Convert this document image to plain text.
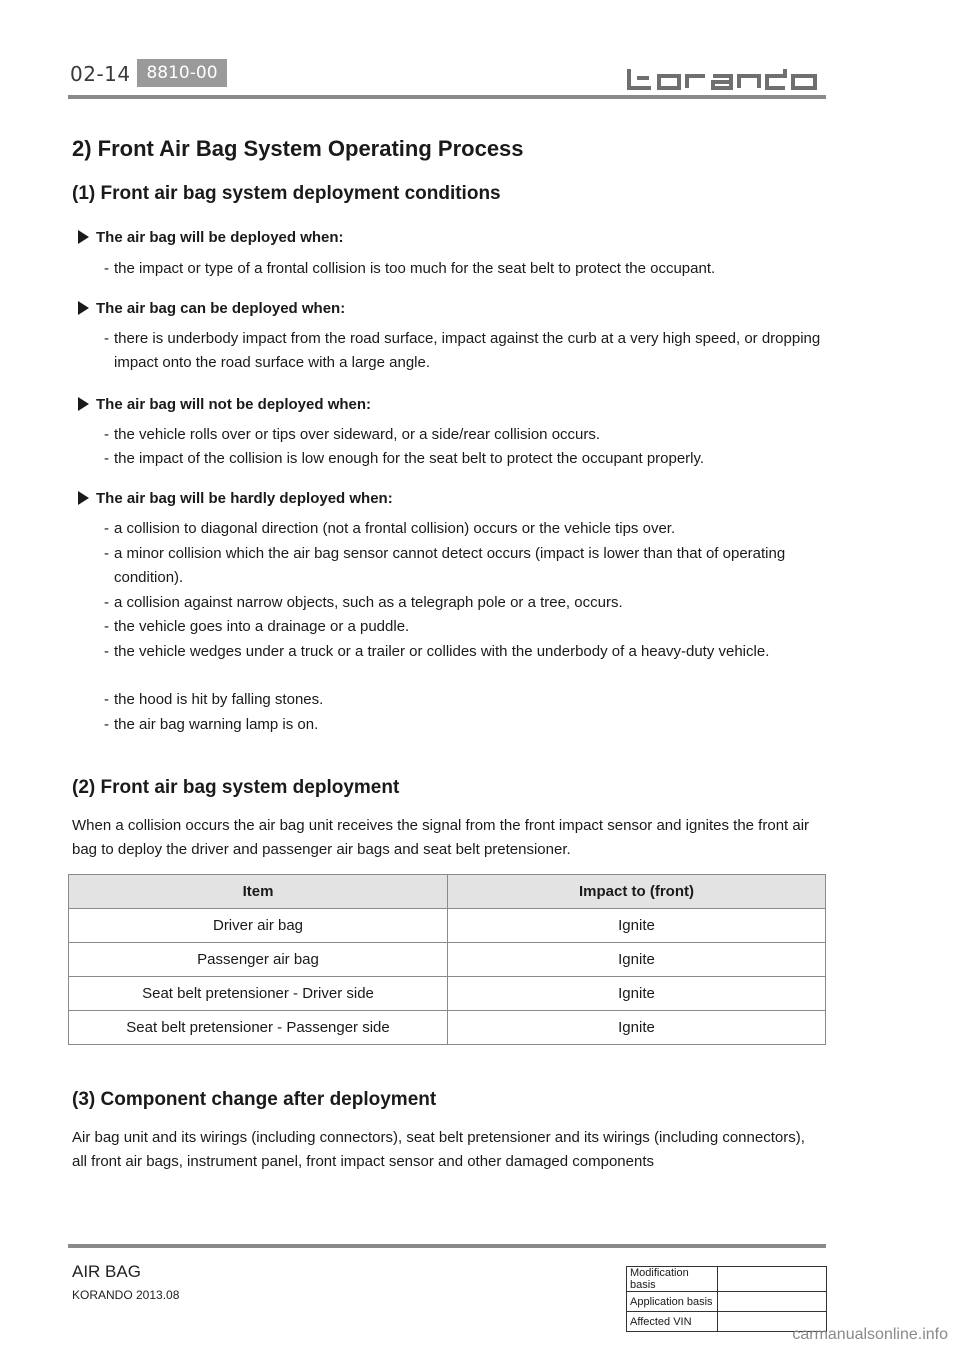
02-14 8810-00
2) Front Air Bag System Operating Process
(1) Front air bag system deployment conditions
The air bag will be deployed when:
- the impact or type of a frontal collision is too much for the seat belt to protect the occupant.
The air bag can be deployed when:
- there is underbody impact from the road surface, impact against the curb at a very high speed, or dropping impact onto the road surface with a large angle.
The air bag will not be deployed when:
- the vehicle rolls over or tips over sideward, or a side/rear collision occurs.
- the impact of the collision is low enough for the seat belt to protect the occupant properly.
The air bag will be hardly deployed when:
- a collision to diagonal direction (not a frontal collision) occurs or the vehicle tips over.
- a minor collision which the air bag sensor cannot detect occurs (impact is lower than that of operating condition).
- a collision against narrow objects, such as a telegraph pole or a tree, occurs.
- the vehicle goes into a drainage or a puddle.
- the vehicle wedges under a truck or a trailer or collides with the underbody of a heavy-duty vehicle.
- the hood is hit by falling stones.
- the air bag warning lamp is on.
(2) Front air bag system deployment
When a collision occurs the air bag unit receives the signal from the front impact sensor and ignites the front air bag to deploy the driver and passenger air bags and seat belt pretensioner.
Item	Impact to (front)
Driver air bag	Ignite
Passenger air bag	Ignite
Seat belt pretensioner - Driver side	Ignite
Seat belt pretensioner - Passenger side	Ignite
(3) Component change after deployment
Air bag unit and its wirings (including connectors), seat belt pretensioner and its wirings (including connectors), all front air bags, instrument panel, front impact sensor and other damaged components
AIR BAG
KORANDO 2013.08
Modification basis	
Application basis	
Affected VIN	
carmanualsonline.info
